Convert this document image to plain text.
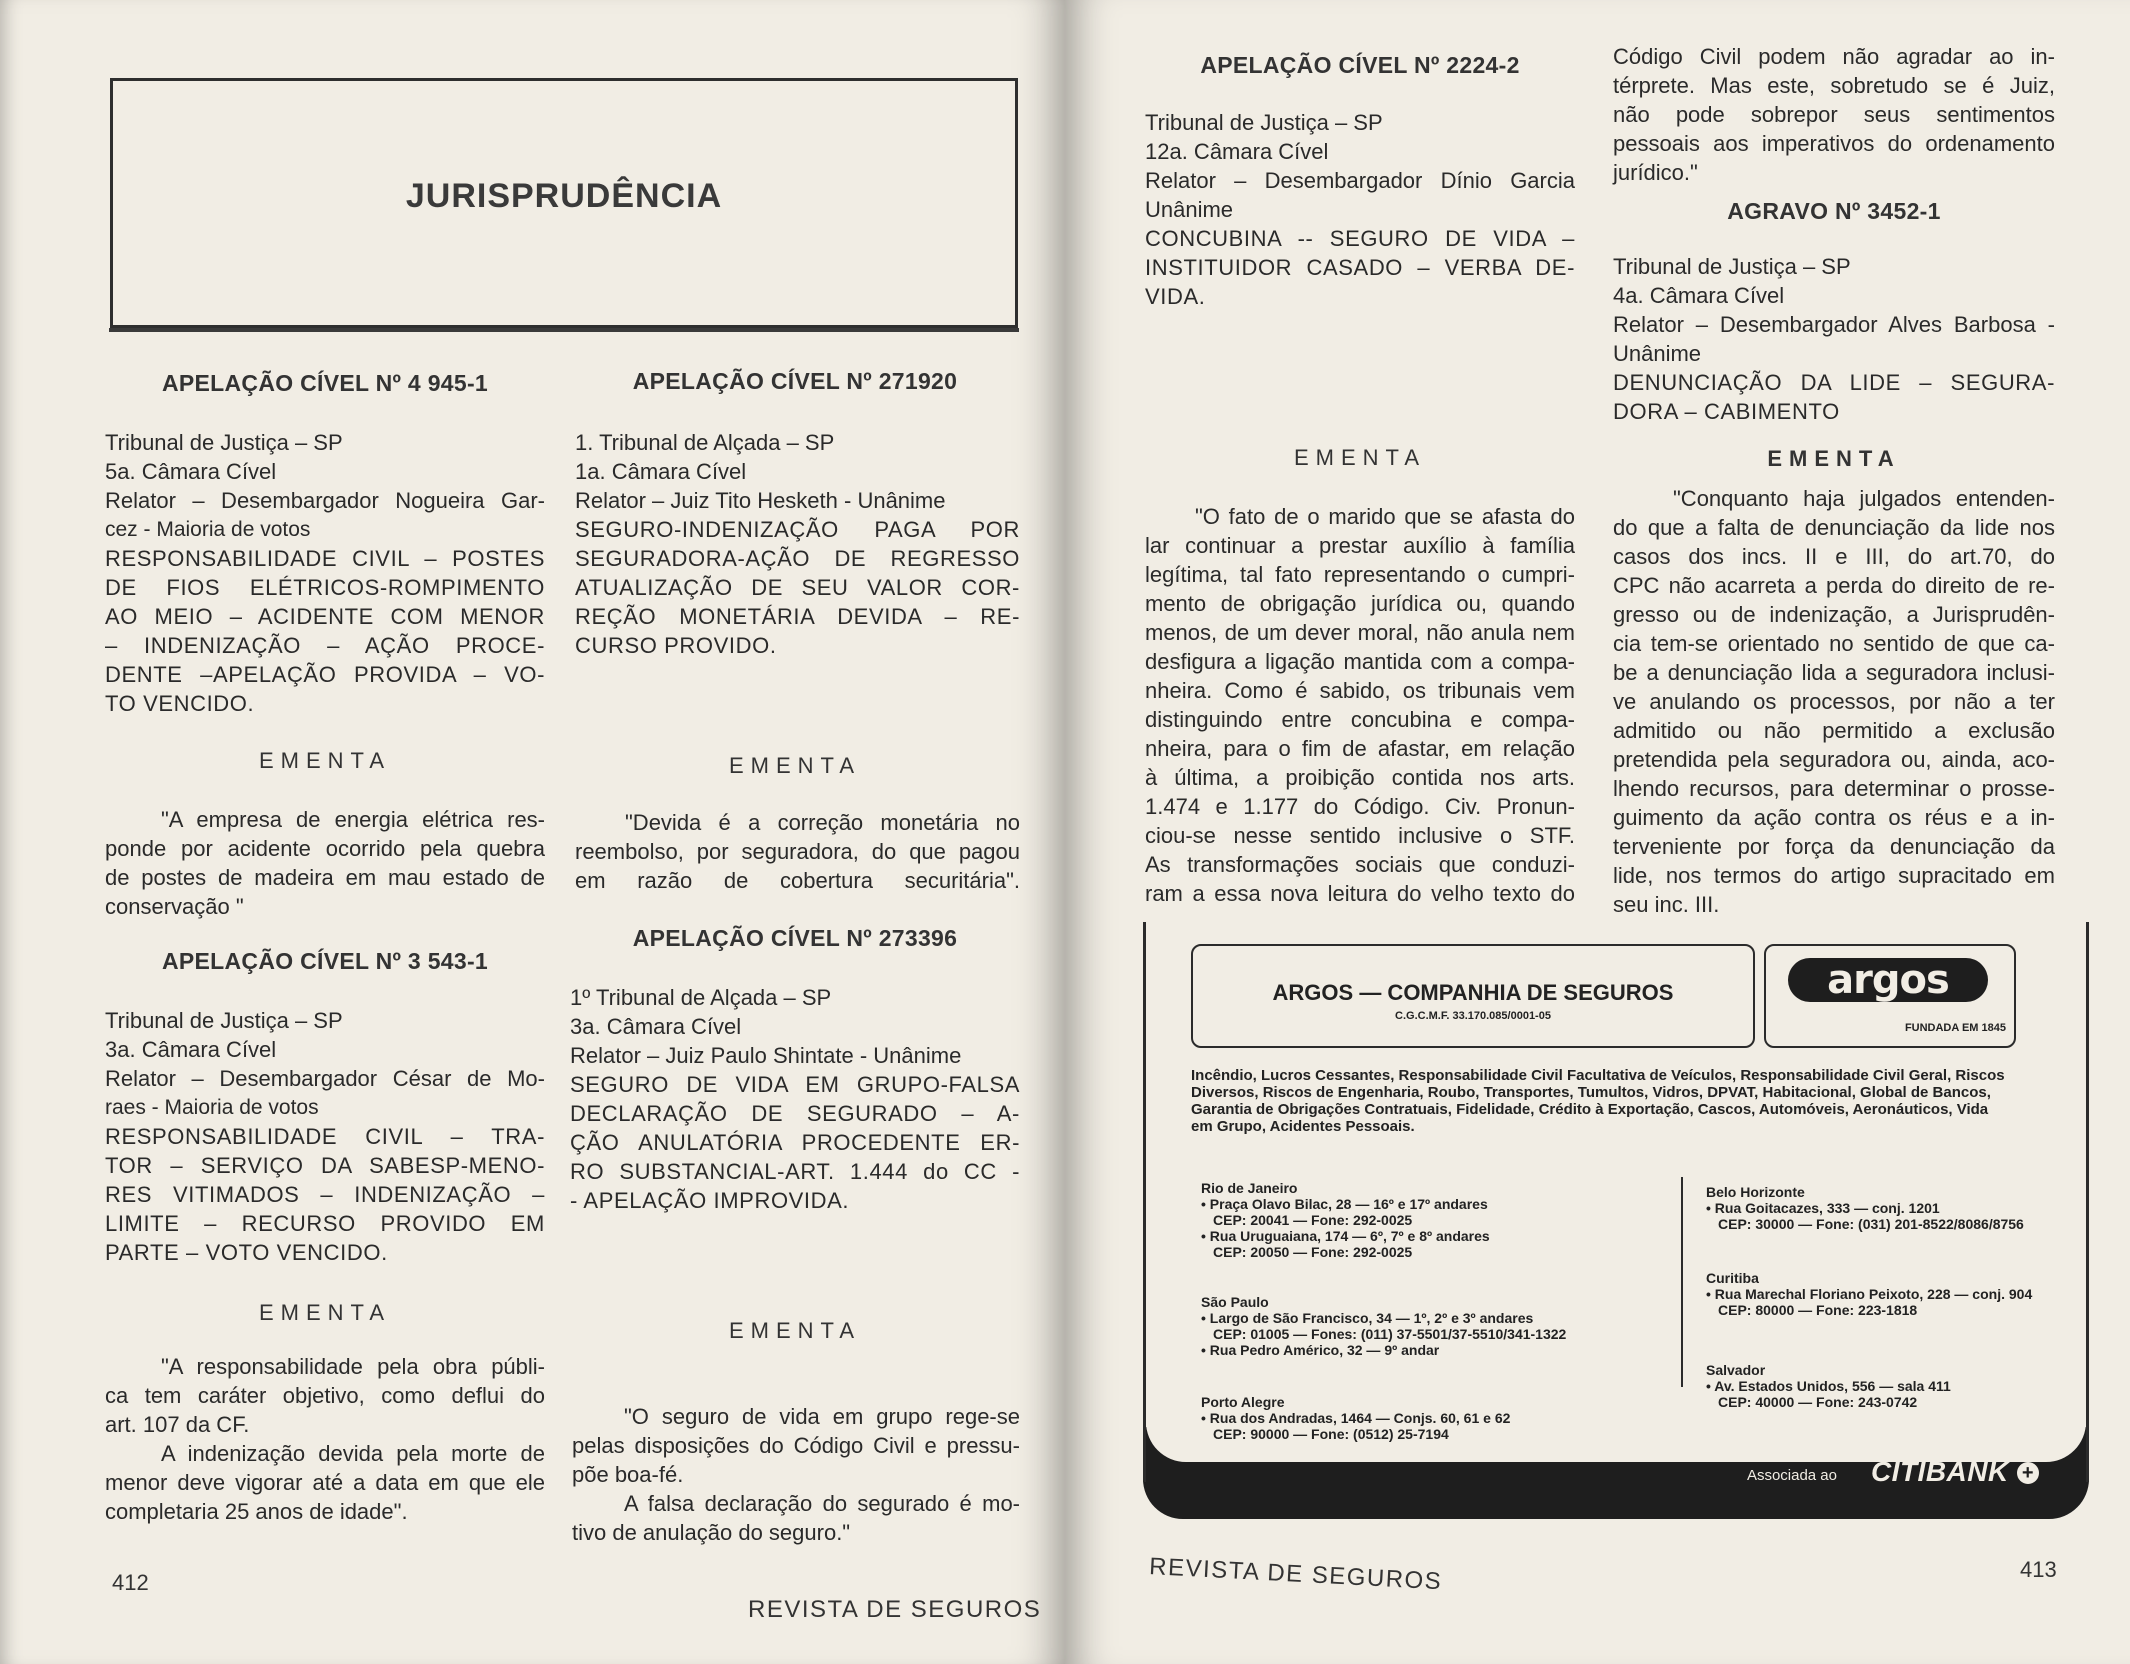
JURISPRUDÊNCIA
APELAÇÃO CÍVEL Nº 4 945-1
Tribunal de Justiça – SP
5a. Câmara Cível
Relator – Desembargador Nogueira Gar-
cez - Maioria de votos
RESPONSABILIDADE CIVIL – POSTES
DE FIOS ELÉTRICOS-ROMPIMENTO
AO MEIO – ACIDENTE COM MENOR
– INDENIZAÇÃO – AÇÃO PROCE-
DENTE –APELAÇÃO PROVIDA – VO-
TO VENCIDO.
EMENTA
"A empresa de energia elétrica res-
ponde por acidente ocorrido pela quebra
de postes de madeira em mau estado de
conservação "
APELAÇÃO CÍVEL Nº 3 543-1
Tribunal de Justiça – SP
3a. Câmara Cível
Relator – Desembargador César de Mo-
raes - Maioria de votos
RESPONSABILIDADE CIVIL – TRA-
TOR – SERVIÇO DA SABESP-MENO-
RES VITIMADOS – INDENIZAÇÃO –
LIMITE – RECURSO PROVIDO EM
PARTE – VOTO VENCIDO.
EMENTA
"A responsabilidade pela obra públi-
ca tem caráter objetivo, como deflui do
art. 107 da CF.
A indenização devida pela morte de
menor deve vigorar até a data em que ele
completaria 25 anos de idade".
APELAÇÃO CÍVEL Nº 271920
1. Tribunal de Alçada – SP
1a. Câmara Cível
Relator – Juiz Tito Hesketh - Unânime
SEGURO-INDENIZAÇÃO PAGA POR
SEGURADORA-AÇÃO DE REGRESSO
ATUALIZAÇÃO DE SEU VALOR COR-
REÇÃO MONETÁRIA DEVIDA – RE-
CURSO PROVIDO.
EMENTA
"Devida é a correção monetária no
reembolso, por seguradora, do que pagou
em razão de cobertura securitária".
APELAÇÃO CÍVEL Nº 273396
1º Tribunal de Alçada – SP
3a. Câmara Cível
Relator – Juiz Paulo Shintate - Unânime
SEGURO DE VIDA EM GRUPO-FALSA
DECLARAÇÃO DE SEGURADO – A-
ÇÃO ANULATÓRIA PROCEDENTE ER-
RO SUBSTANCIAL-ART. 1.444 do CC -
- APELAÇÃO IMPROVIDA.
EMENTA
"O seguro de vida em grupo rege-se
pelas disposições do Código Civil e pressu-
põe boa-fé.
A falsa declaração do segurado é mo-
tivo de anulação do seguro."
412
REVISTA DE SEGUROS
APELAÇÃO CÍVEL Nº 2224-2
Tribunal de Justiça – SP
12a. Câmara Cível
Relator – Desembargador Dínio Garcia
Unânime
CONCUBINA -- SEGURO DE VIDA –
INSTITUIDOR CASADO – VERBA DE-
VIDA.
EMENTA
"O fato de o marido que se afasta do
lar continuar a prestar auxílio à família
legítima, tal fato representando o cumpri-
mento de obrigação jurídica ou, quando
menos, de um dever moral, não anula nem
desfigura a ligação mantida com a compa-
nheira. Como é sabido, os tribunais vem
distinguindo entre concubina e compa-
nheira, para o fim de afastar, em relação
à última, a proibição contida nos arts.
1.474 e 1.177 do Código. Civ. Pronun-
ciou-se nesse sentido inclusive o STF.
As transformações sociais que conduzi-
ram a essa nova leitura do velho texto do
Código Civil podem não agradar ao in-
térprete. Mas este, sobretudo se é Juiz,
não pode sobrepor seus sentimentos
pessoais aos imperativos do ordenamento
jurídico."
AGRAVO Nº 3452-1
Tribunal de Justiça – SP
4a. Câmara Cível
Relator – Desembargador Alves Barbosa -
Unânime
DENUNCIAÇÃO DA LIDE – SEGURA-
DORA – CABIMENTO
EMENTA
"Conquanto haja julgados entenden-
do que a falta de denunciação da lide nos
casos dos incs. II e III, do art.70, do
CPC não acarreta a perda do direito de re-
gresso ou de indenização, a Jurisprudên-
cia tem-se orientado no sentido de que ca-
be a denunciação lida a seguradora inclusi-
ve anulando os processos, por não a ter
admitido ou não permitido a exclusão
pretendida pela seguradora ou, ainda, aco-
lhendo recursos, para determinar o prosse-
guimento da ação contra os réus e a in-
terveniente por força da denunciação da
lide, nos termos do artigo supracitado em
seu inc. III.
ARGOS — COMPANHIA DE SEGUROS
C.G.C.M.F. 33.170.085/0001-05
argos
FUNDADA EM 1845
Incêndio, Lucros Cessantes, Responsabilidade Civil Facultativa de Veículos, Responsabilidade Civil Geral, Riscos Diversos, Riscos de Engenharia, Roubo, Transportes, Tumultos, Vidros, DPVAT, Habitacional, Global de Bancos, Garantia de Obrigações Contratuais, Fidelidade, Crédito à Exportação, Cascos, Automóveis, Aeronáuticos, Vida em Grupo, Acidentes Pessoais.
Rio de Janeiro
• Praça Olavo Bilac, 28 — 16º e 17º andares
CEP: 20041 — Fone: 292-0025
• Rua Uruguaiana, 174 — 6º, 7º e 8º andares
CEP: 20050 — Fone: 292-0025
São Paulo
• Largo de São Francisco, 34 — 1º, 2º e 3º andares
CEP: 01005 — Fones: (011) 37-5501/37-5510/341-1322
• Rua Pedro Américo, 32 — 9º andar
Porto Alegre
• Rua dos Andradas, 1464 — Conjs. 60, 61 e 62
CEP: 90000 — Fone: (0512) 25-7194
Belo Horizonte
• Rua Goitacazes, 333 — conj. 1201
CEP: 30000 — Fone: (031) 201-8522/8086/8756
Curitiba
• Rua Marechal Floriano Peixoto, 228 — conj. 904
CEP: 80000 — Fone: 223-1818
Salvador
• Av. Estados Unidos, 556 — sala 411
CEP: 40000 — Fone: 243-0742
Associada ao CITIBANK +
REVISTA DE SEGUROS	413
